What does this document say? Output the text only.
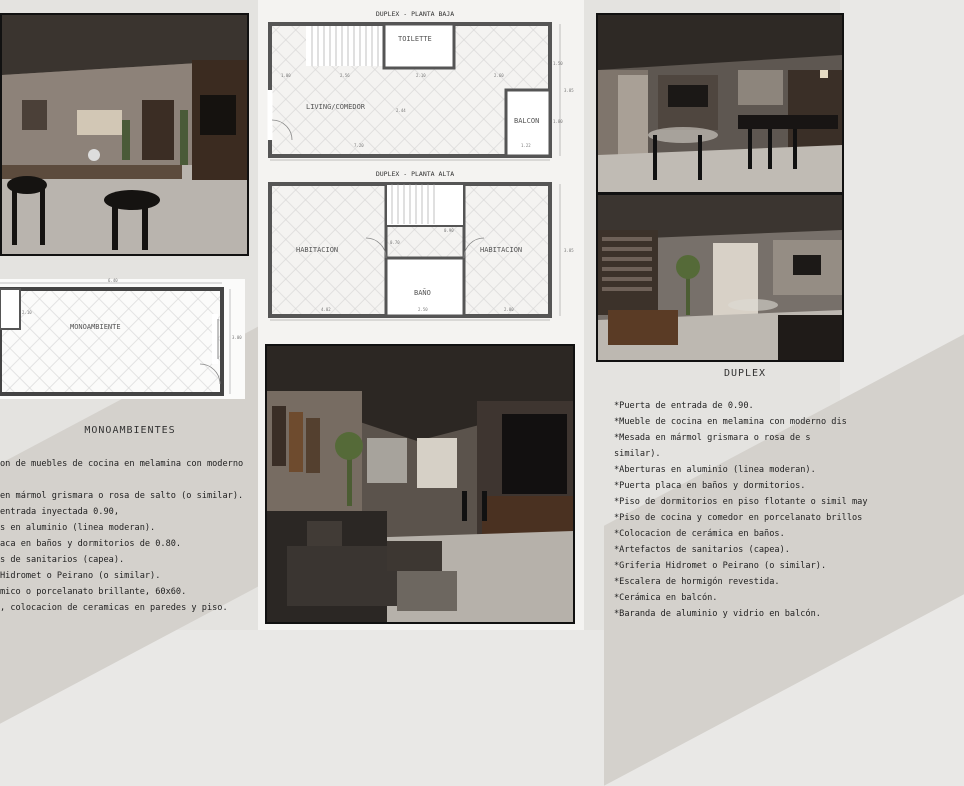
MONOAMBIENTE
6.40
3.00
2.10
DUPLEX - PLANTA BAJA
TOILETTE
LIVING/COMEDOR
BALCON
2.56	2.10	2.60
7.20	1.22
2.44
1.50
3.85
1.80
1.00
DUPLEX - PLANTA ALTA
HABITACION	HABITACION
BAÑO
4.02	2.50	2.80
3.85
0.70
0.90
MONOAMBIENTES
on de muebles de cocina en melamina con moderno
en mármol grismara o rosa de salto (o similar).
entrada inyectada 0.90,
s en aluminio (linea moderan).
aca en baños y dormitorios de 0.80.
s de sanitarios (capea).
Hidromet o Peirano (o similar).
mico o porcelanato brillante, 60x60.
, colocacion de ceramicas en paredes y piso.
DUPLEX
*Puerta de entrada de 0.90.
*Mueble de cocina en melamina con moderno dis
*Mesada en mármol grismara o rosa de s
similar).
*Aberturas en aluminio (linea moderan).
*Puerta placa en baños y dormitorios.
*Piso de dormitorios en piso flotante o simil may
*Piso de cocina y comedor en porcelanato brillos
*Colocacion de cerámica en baños.
*Artefactos de sanitarios (capea).
*Griferia Hidromet o Peirano (o similar).
*Escalera de hormigón revestida.
*Cerámica en balcón.
*Baranda de aluminio y vidrio en balcón.
